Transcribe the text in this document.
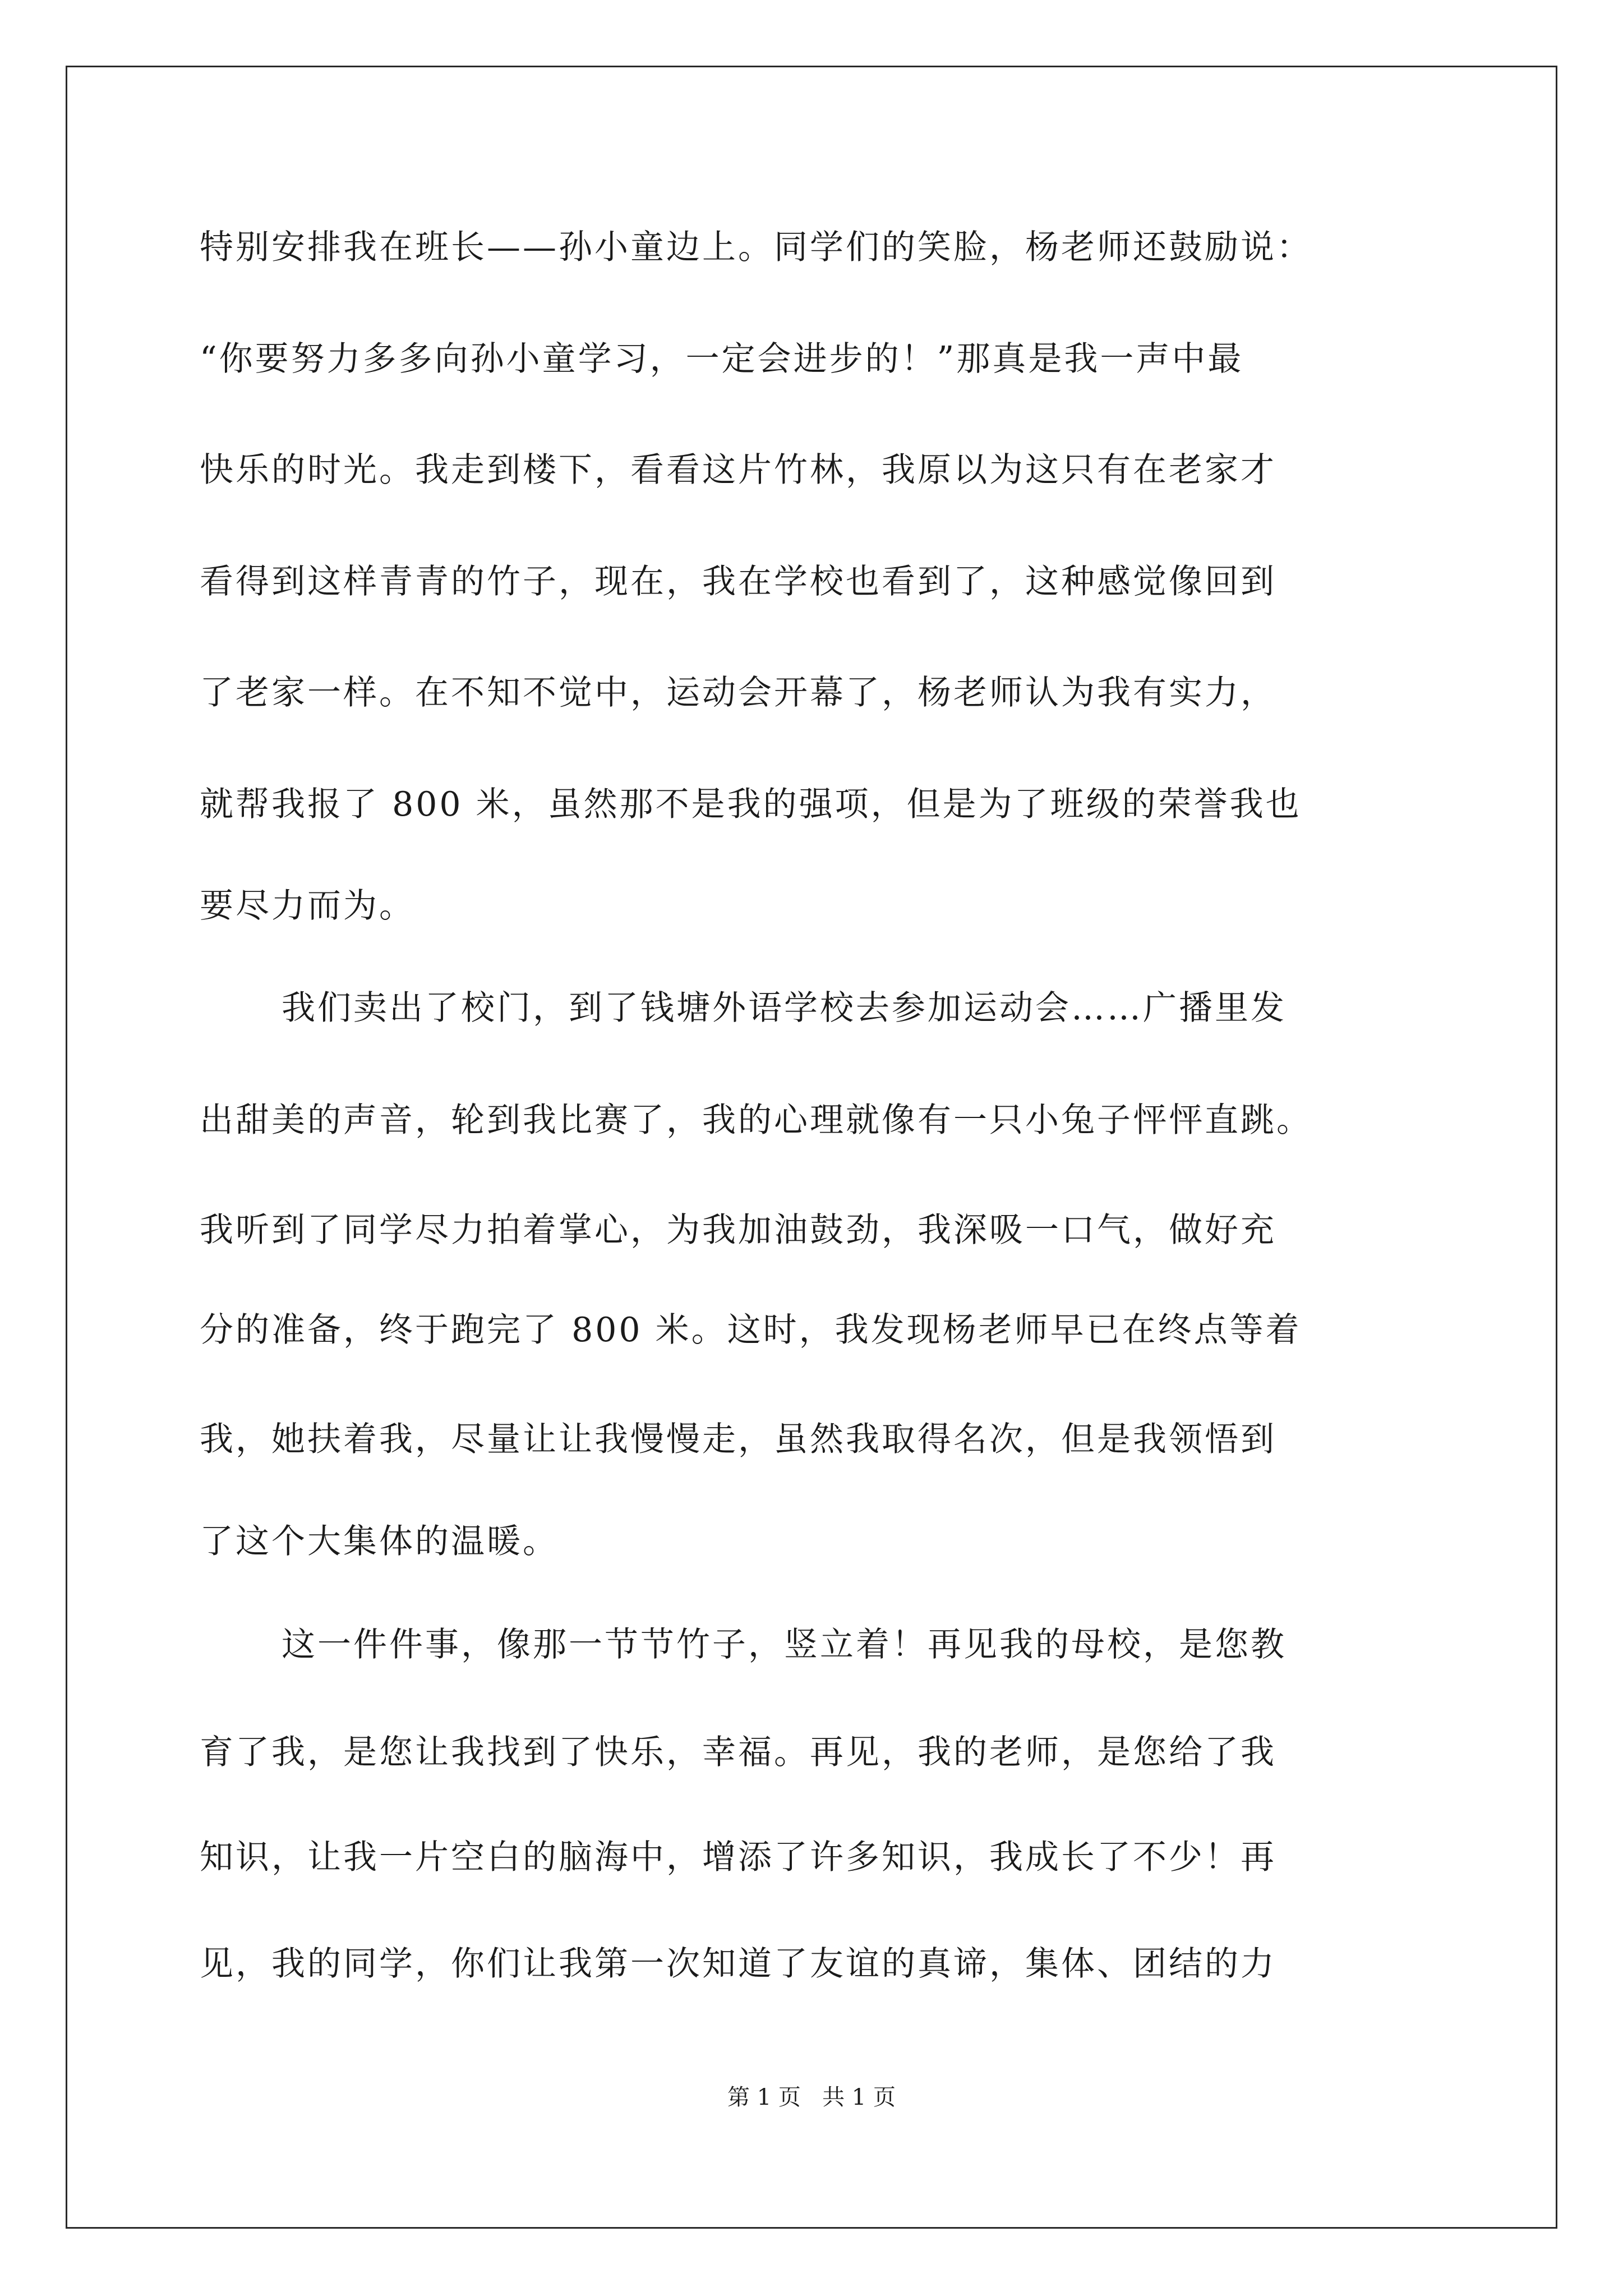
特别安排我在班长——孙小童边上。同学们的笑脸，杨老师还鼓励说：
“你要努力多多向孙小童学习，一定会进步的！”那真是我一声中最
快乐的时光。我走到楼下，看看这片竹林，我原以为这只有在老家才
看得到这样青青的竹子，现在，我在学校也看到了，这种感觉像回到
了老家一样。在不知不觉中，运动会开幕了，杨老师认为我有实力，
就帮我报了 800 米，虽然那不是我的强项，但是为了班级的荣誉我也
要尽力而为。
我们卖出了校门，到了钱塘外语学校去参加运动会……广播里发
出甜美的声音，轮到我比赛了，我的心理就像有一只小兔子怦怦直跳。
我听到了同学尽力拍着掌心，为我加油鼓劲，我深吸一口气，做好充
分的准备，终于跑完了 800 米。这时，我发现杨老师早已在终点等着
我，她扶着我，尽量让让我慢慢走，虽然我取得名次，但是我领悟到
了这个大集体的温暖。
这一件件事，像那一节节竹子，竖立着！再见我的母校，是您教
育了我，是您让我找到了快乐，幸福。再见，我的老师，是您给了我
知识，让我一片空白的脑海中，增添了许多知识，我成长了不少！再
见，我的同学，你们让我第一次知道了友谊的真谛，集体、团结的力
第 1 页   共 1 页
